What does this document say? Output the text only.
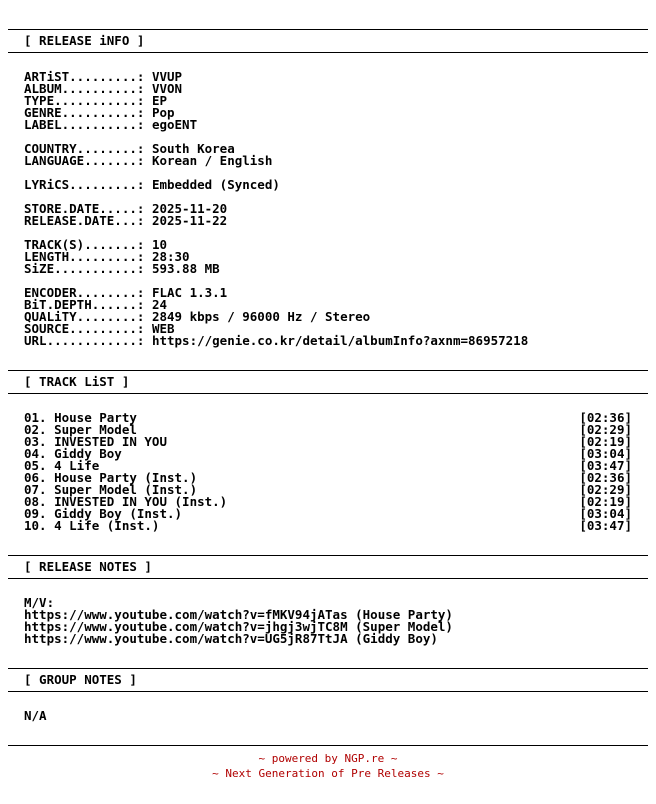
[ RELEASE iNFO ]
ARTiST.........: VVUP
ALBUM..........: VVON
TYPE...........: EP
GENRE..........: Pop
LABEL..........: egoENT
COUNTRY........: South Korea
LANGUAGE.......: Korean / English
LYRiCS.........: Embedded (Synced)
STORE.DATE.....: 2025-11-20
RELEASE.DATE...: 2025-11-22
TRACK(S).......: 10
LENGTH.........: 28:30
SiZE...........: 593.88 MB
ENCODER........: FLAC 1.3.1
BiT.DEPTH......: 24
QUALiTY........: 2849 kbps / 96000 Hz / Stereo
SOURCE.........: WEB
URL............: https://genie.co.kr/detail/albumInfo?axnm=86957218
[ TRACK LiST ]
01. House Party	[02:36]
02. Super Model	[02:29]
03. INVESTED IN YOU	[02:19]
04. Giddy Boy	[03:04]
05. 4 Life	[03:47]
06. House Party (Inst.)	[02:36]
07. Super Model (Inst.)	[02:29]
08. INVESTED IN YOU (Inst.)	[02:19]
09. Giddy Boy (Inst.)	[03:04]
10. 4 Life (Inst.)	[03:47]
[ RELEASE NOTES ]
M/V:
https://www.youtube.com/watch?v=fMKV94jATas (House Party)
https://www.youtube.com/watch?v=jhgj3wjTC8M (Super Model)
https://www.youtube.com/watch?v=UG5jR87TtJA (Giddy Boy)
[ GROUP NOTES ]
N/A
~ powered by NGP.re ~
~ Next Generation of Pre Releases ~
